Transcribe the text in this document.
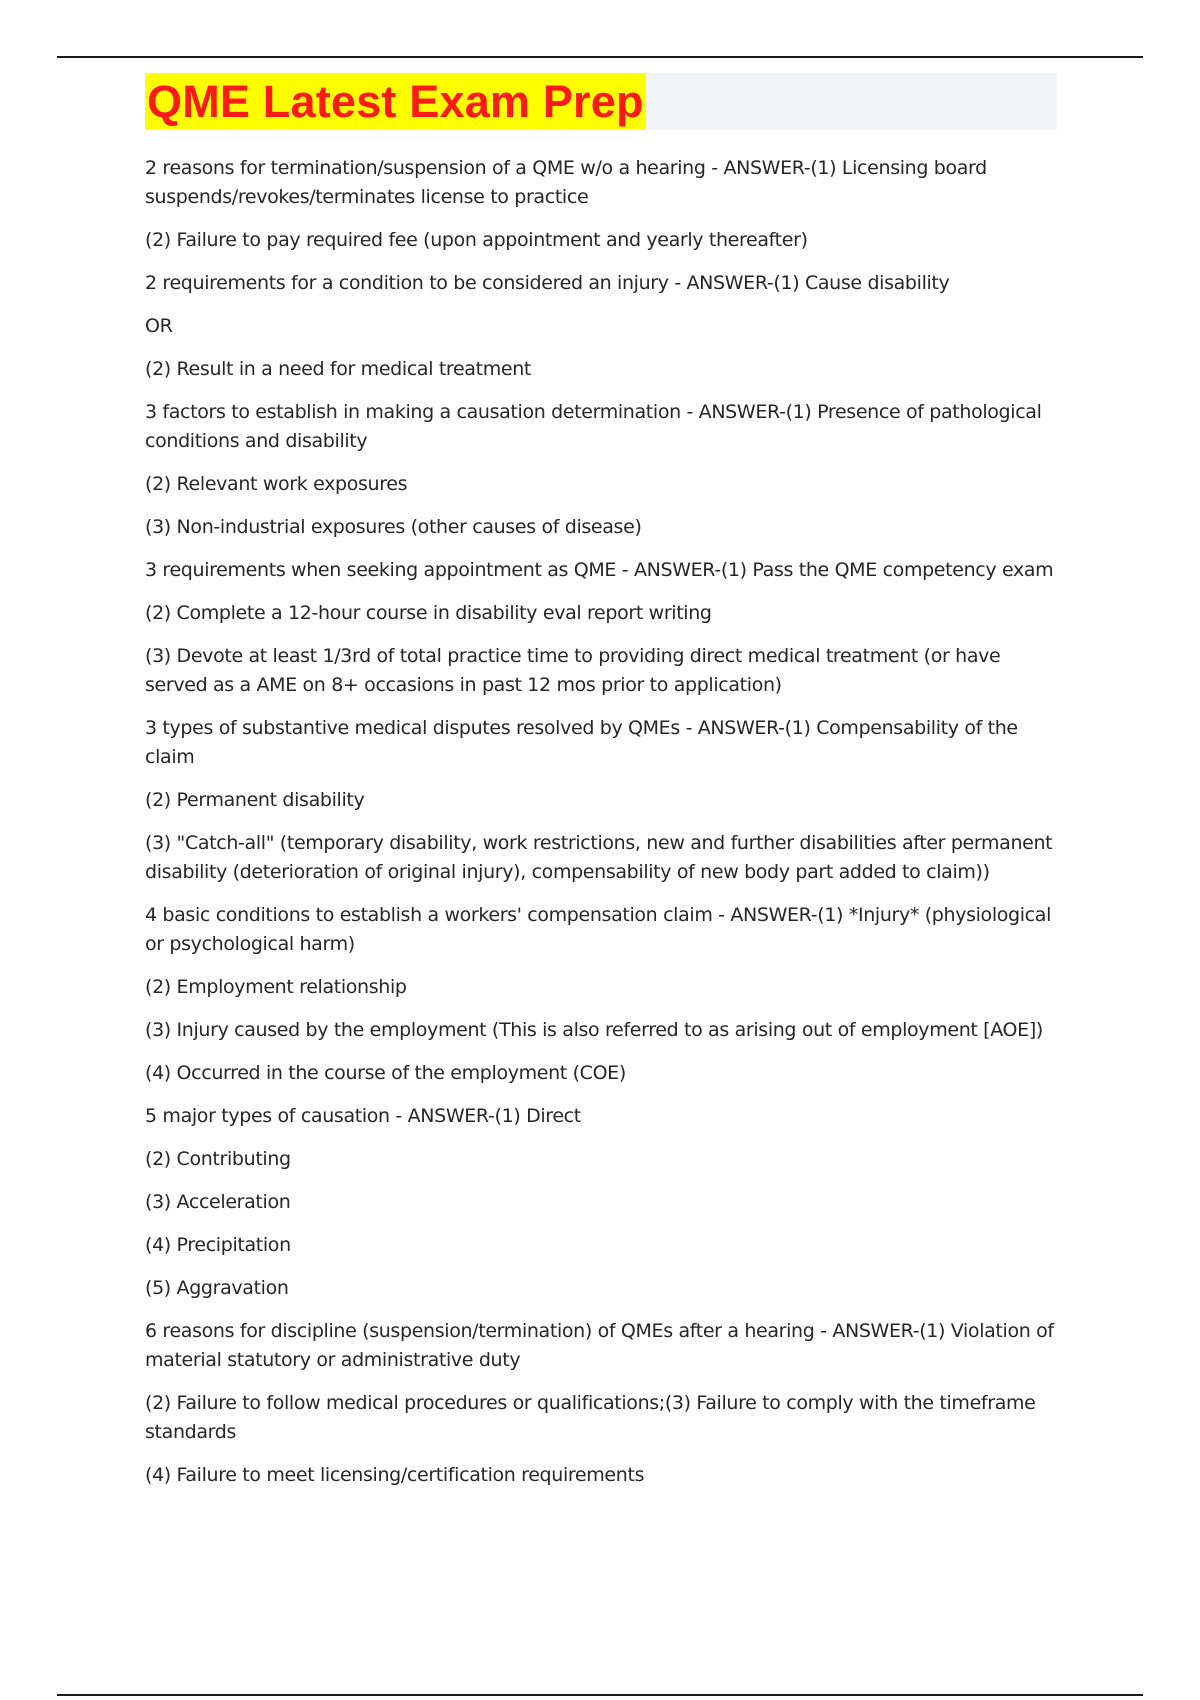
QME Latest Exam Prep

2 reasons for termination/suspension of a QME w/o a hearing - ANSWER-(1) Licensing board suspends/revokes/terminates license to practice

(2) Failure to pay required fee (upon appointment and yearly thereafter)

2 requirements for a condition to be considered an injury - ANSWER-(1) Cause disability

OR

(2) Result in a need for medical treatment

3 factors to establish in making a causation determination - ANSWER-(1) Presence of pathological conditions and disability

(2) Relevant work exposures

(3) Non-industrial exposures (other causes of disease)

3 requirements when seeking appointment as QME - ANSWER-(1) Pass the QME competency exam

(2) Complete a 12-hour course in disability eval report writing

(3) Devote at least 1/3rd of total practice time to providing direct medical treatment (or have served as a AME on 8+ occasions in past 12 mos prior to application)

3 types of substantive medical disputes resolved by QMEs - ANSWER-(1) Compensability of the claim

(2) Permanent disability

(3) "Catch-all" (temporary disability, work restrictions, new and further disabilities after permanent disability (deterioration of original injury), compensability of new body part added to claim))

4 basic conditions to establish a workers' compensation claim - ANSWER-(1) *Injury* (physiological or psychological harm)

(2) Employment relationship

(3) Injury caused by the employment (This is also referred to as arising out of employment [AOE])

(4) Occurred in the course of the employment (COE)

5 major types of causation - ANSWER-(1) Direct

(2) Contributing

(3) Acceleration

(4) Precipitation

(5) Aggravation

6 reasons for discipline (suspension/termination) of QMEs after a hearing - ANSWER-(1) Violation of material statutory or administrative duty

(2) Failure to follow medical procedures or qualifications;(3) Failure to comply with the timeframe standards

(4) Failure to meet licensing/certification requirements
